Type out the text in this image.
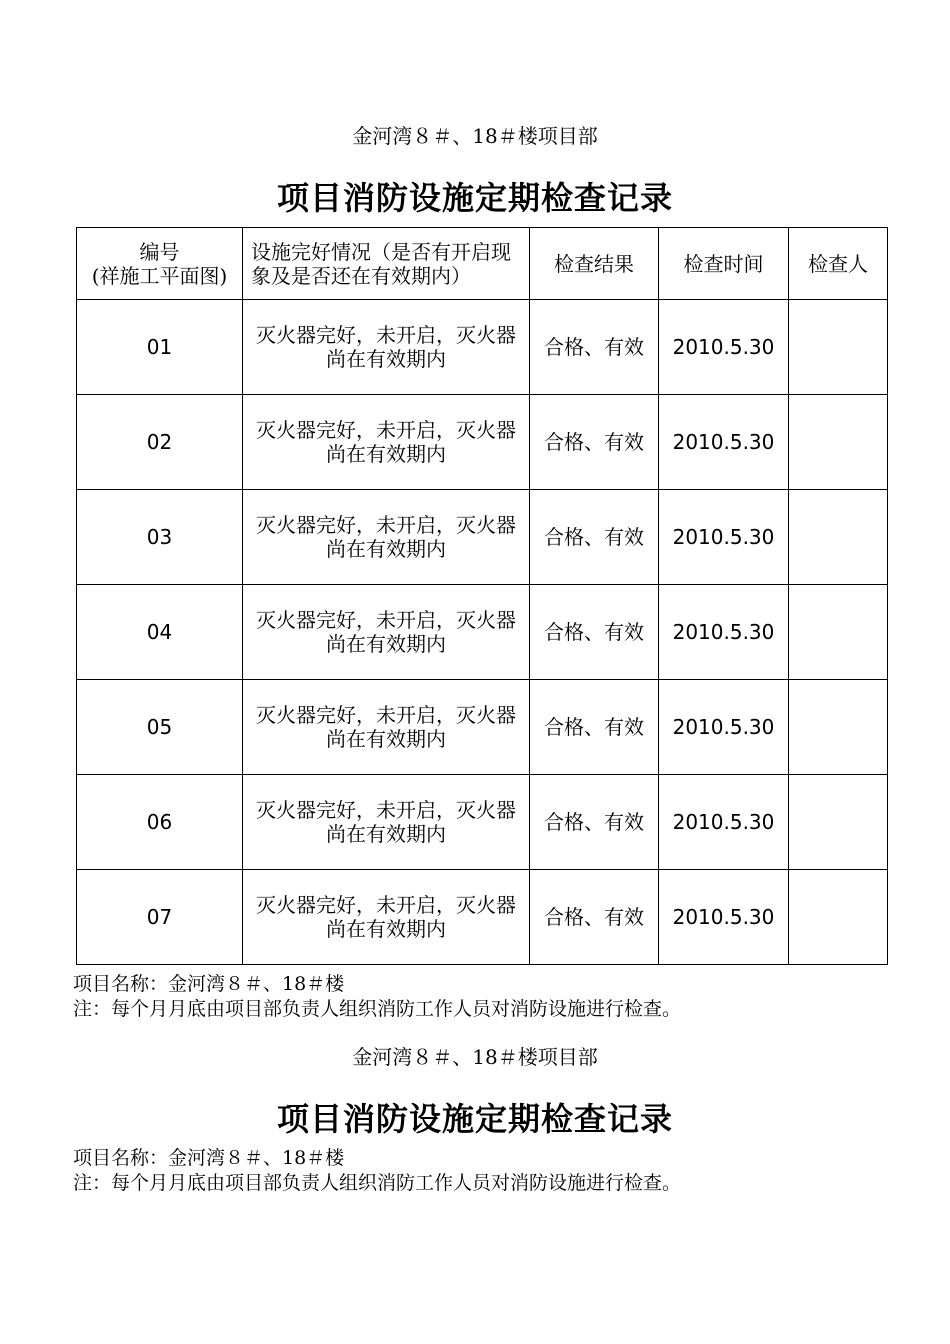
金河湾８＃、18＃楼项目部
项目消防设施定期检查记录
编号
(祥施工平面图)	设施完好情况（是否有开启现象及是否还在有效期内）	检查结果	检查时间	检查人
01	灭火器完好，未开启，灭火器尚在有效期内	合格、有效	2010.5.30	
02	灭火器完好，未开启，灭火器尚在有效期内	合格、有效	2010.5.30	
03	灭火器完好，未开启，灭火器尚在有效期内	合格、有效	2010.5.30	
04	灭火器完好，未开启，灭火器尚在有效期内	合格、有效	2010.5.30	
05	灭火器完好，未开启，灭火器尚在有效期内	合格、有效	2010.5.30	
06	灭火器完好，未开启，灭火器尚在有效期内	合格、有效	2010.5.30	
07	灭火器完好，未开启，灭火器尚在有效期内	合格、有效	2010.5.30	
项目名称：金河湾８＃、18＃楼
注：每个月月底由项目部负责人组织消防工作人员对消防设施进行检查。
金河湾８＃、18＃楼项目部
项目消防设施定期检查记录
项目名称：金河湾８＃、18＃楼
注：每个月月底由项目部负责人组织消防工作人员对消防设施进行检查。
